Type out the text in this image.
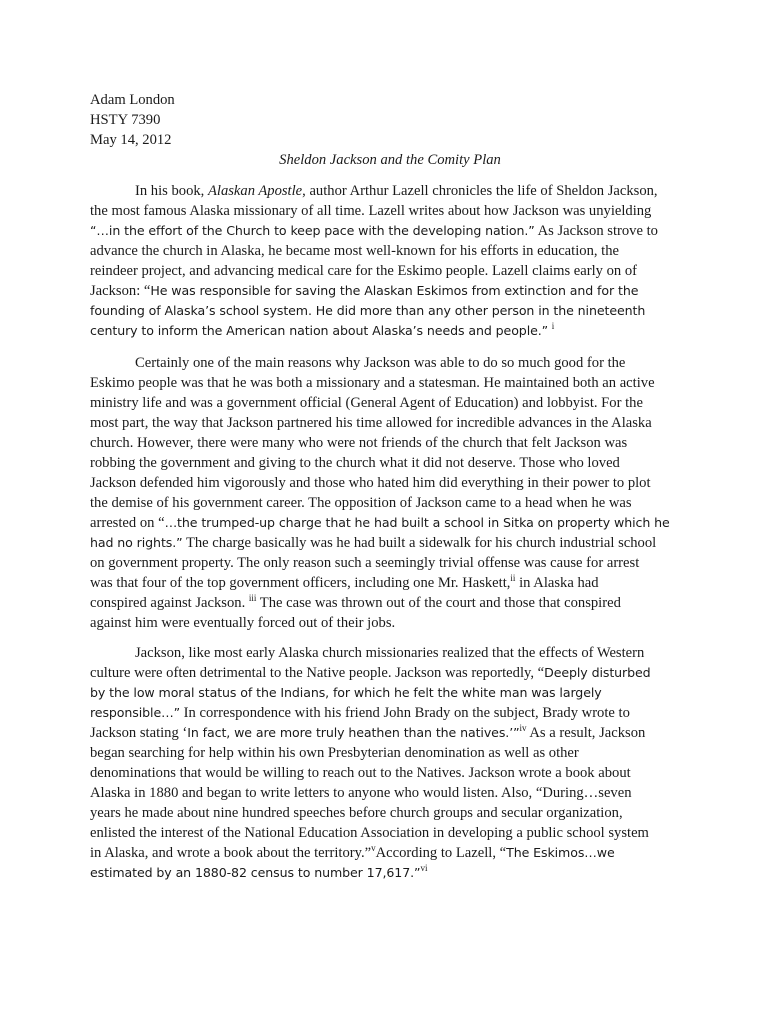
Adam London
HSTY 7390
May 14, 2012
Sheldon Jackson and the Comity Plan
In his book, Alaskan Apostle, author Arthur Lazell chronicles the life of Sheldon Jackson,
the most famous Alaska missionary of all time. Lazell writes about how Jackson was unyielding
“…in the effort of the Church to keep pace with the developing nation.” As Jackson strove to
advance the church in Alaska, he became most well-known for his efforts in education, the
reindeer project, and advancing medical care for the Eskimo people. Lazell claims early on of
Jackson: “He was responsible for saving the Alaskan Eskimos from extinction and for the
founding of Alaska’s school system. He did more than any other person in the nineteenth
century to inform the American nation about Alaska’s needs and people.” $^i$
Certainly one of the main reasons why Jackson was able to do so much good for the
Eskimo people was that he was both a missionary and a statesman. He maintained both an active
ministry life and was a government official (General Agent of Education) and lobbyist. For the
most part, the way that Jackson partnered his time allowed for incredible advances in the Alaska
church. However, there were many who were not friends of the church that felt Jackson was
robbing the government and giving to the church what it did not deserve. Those who loved
Jackson defended him vigorously and those who hated him did everything in their power to plot
the demise of his government career. The opposition of Jackson came to a head when he was
arrested on “…the trumped-up charge that he had built a school in Sitka on property which he
had no rights.” The charge basically was he had built a sidewalk for his church industrial school
on government property. The only reason such a seemingly trivial offense was cause for arrest
was that four of the top government officers, including one Mr. Haskett,$^{ii}$ in Alaska had
conspired against Jackson. $^{iii}$ The case was thrown out of the court and those that conspired
against him were eventually forced out of their jobs.
Jackson, like most early Alaska church missionaries realized that the effects of Western
culture were often detrimental to the Native people. Jackson was reportedly, “Deeply disturbed
by the low moral status of the Indians, for which he felt the white man was largely
responsible…” In correspondence with his friend John Brady on the subject, Brady wrote to
Jackson stating ‘In fact, we are more truly heathen than the natives.’”$^{iv}$ As a result, Jackson
began searching for help within his own Presbyterian denomination as well as other
denominations that would be willing to reach out to the Natives. Jackson wrote a book about
Alaska in 1880 and began to write letters to anyone who would listen. Also, “During…seven
years he made about nine hundred speeches before church groups and secular organization,
enlisted the interest of the National Education Association in developing a public school system
in Alaska, and wrote a book about the territory.”$^v$According to Lazell, “The Eskimos…we
estimated by an 1880-82 census to number 17,617.”$^{vi}$
